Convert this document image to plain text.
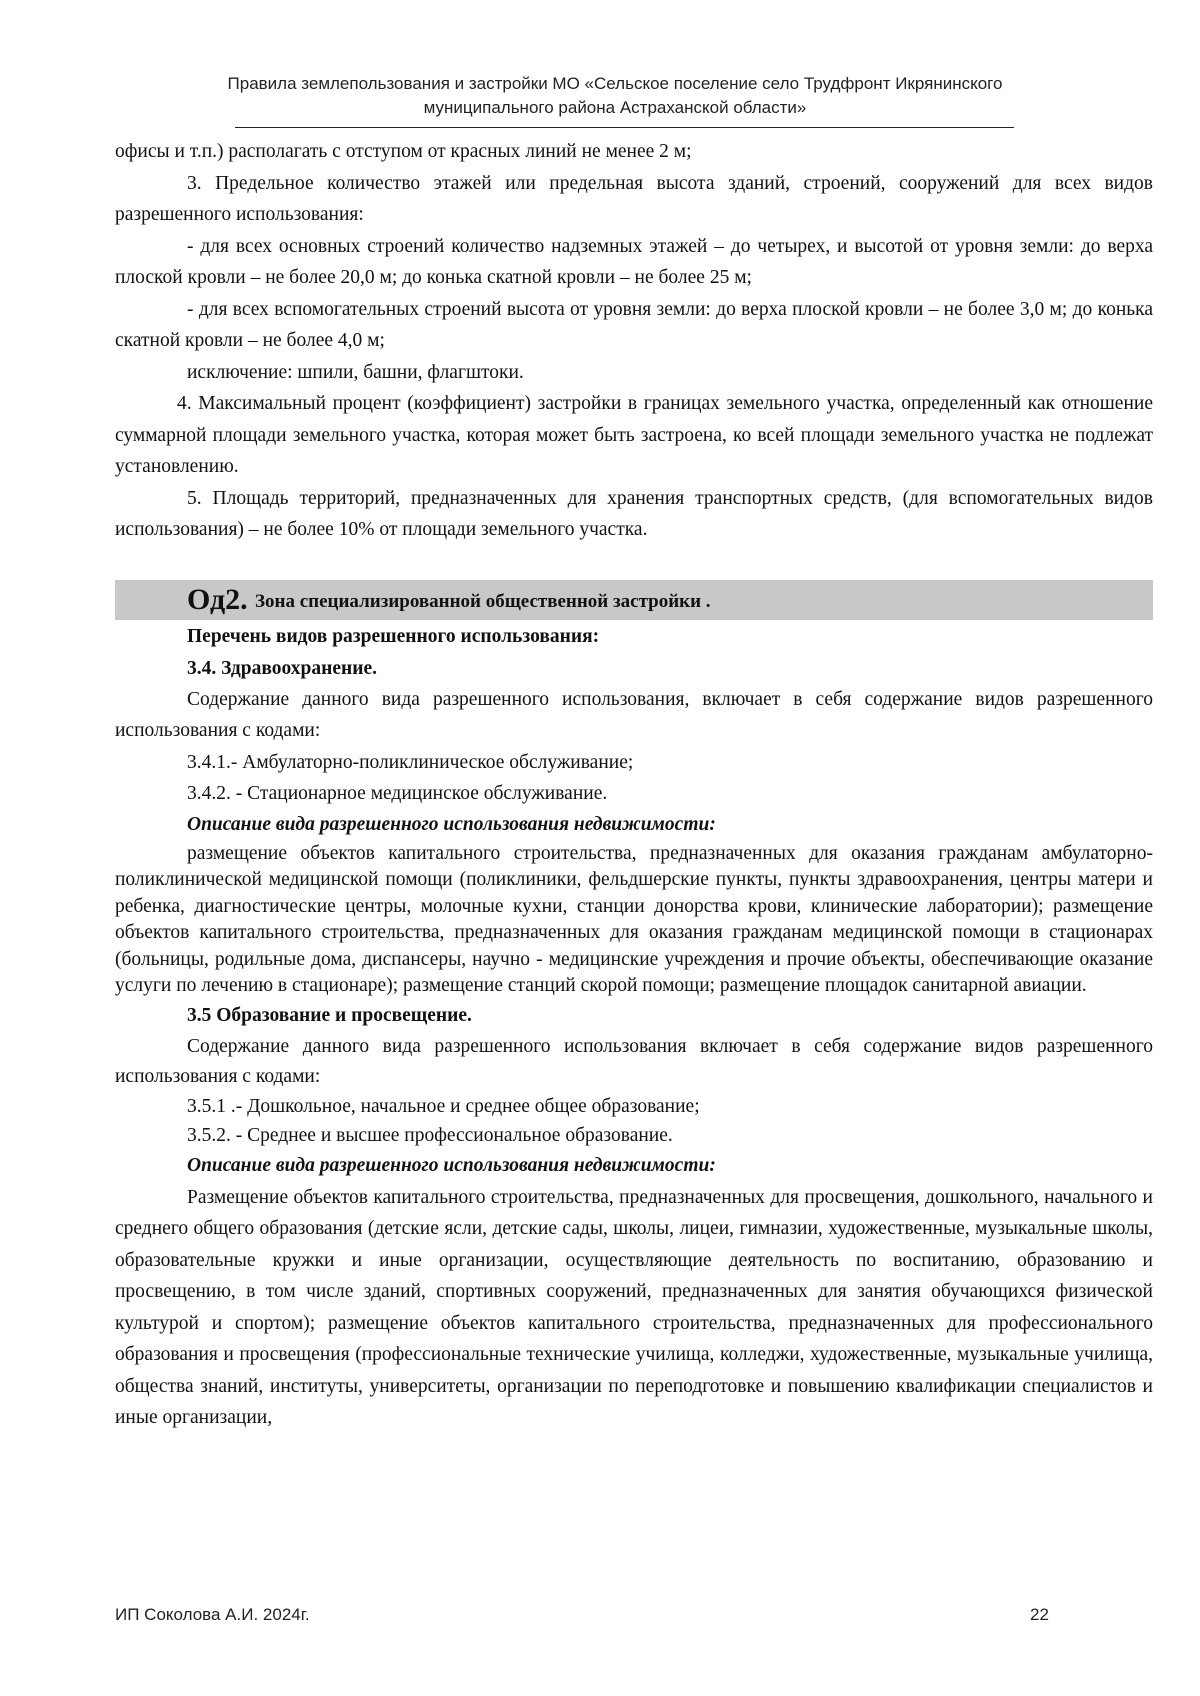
Правила землепользования и застройки МО «Сельское поселение село Трудфронт Икрянинского
муниципального района Астраханской области»

офисы и т.п.) располагать с отступом от красных линий не менее 2 м;

3. Предельное количество этажей или предельная высота зданий, строений, сооружений для всех видов разрешенного использования:

- для всех основных строений количество надземных этажей – до четырех, и высотой от уровня земли: до верха плоской кровли – не более 20,0 м; до конька скатной кровли – не более 25 м;

- для всех вспомогательных строений высота от уровня земли: до верха плоской кровли – не более 3,0 м; до конька скатной кровли – не более 4,0 м;

исключение: шпили, башни, флагштоки.

4. Максимальный процент (коэффициент) застройки в границах земельного участка, определенный как отношение суммарной площади земельного участка, которая может быть застроена, ко всей площади земельного участка не подлежат установлению.

5. Площадь территорий, предназначенных для хранения транспортных средств, (для вспомогательных видов использования) – не более 10% от площади земельного участка.

Од2. Зона специализированной общественной застройки .

Перечень видов разрешенного использования:

3.4. Здравоохранение.

Содержание данного вида разрешенного использования, включает в себя содержание видов разрешенного использования с кодами:

3.4.1.- Амбулаторно-поликлиническое обслуживание;

3.4.2. - Стационарное медицинское обслуживание.

Описание вида разрешенного использования недвижимости:

размещение объектов капитального строительства, предназначенных для оказания гражданам амбулаторно-поликлинической медицинской помощи (поликлиники, фельдшерские пункты, пункты здравоохранения, центры матери и ребенка, диагностические центры, молочные кухни, станции донорства крови, клинические лаборатории); размещение объектов капитального строительства, предназначенных для оказания гражданам медицинской помощи в стационарах (больницы, родильные дома, диспансеры, научно - медицинские учреждения и прочие объекты, обеспечивающие оказание услуги по лечению в стационаре); размещение станций скорой помощи; размещение площадок санитарной авиации.

3.5 Образование и просвещение.

Содержание данного вида разрешенного использования включает в себя содержание видов разрешенного использования с кодами:

3.5.1 .- Дошкольное, начальное и среднее общее образование;

3.5.2. - Среднее и высшее профессиональное образование.

Описание вида разрешенного использования недвижимости:

Размещение объектов капитального строительства, предназначенных для просвещения, дошкольного, начального и среднего общего образования (детские ясли, детские сады, школы, лицеи, гимназии, художественные, музыкальные школы, образовательные кружки и иные организации, осуществляющие деятельность по воспитанию, образованию и просвещению, в том числе зданий, спортивных сооружений, предназначенных для занятия обучающихся физической культурой и спортом); размещение объектов капитального строительства, предназначенных для профессионального образования и просвещения (профессиональные технические училища, колледжи, художественные, музыкальные училища, общества знаний, институты, университеты, организации по переподготовке и повышению квалификации специалистов и иные организации,

ИП Соколова А.И. 2024г.	22
